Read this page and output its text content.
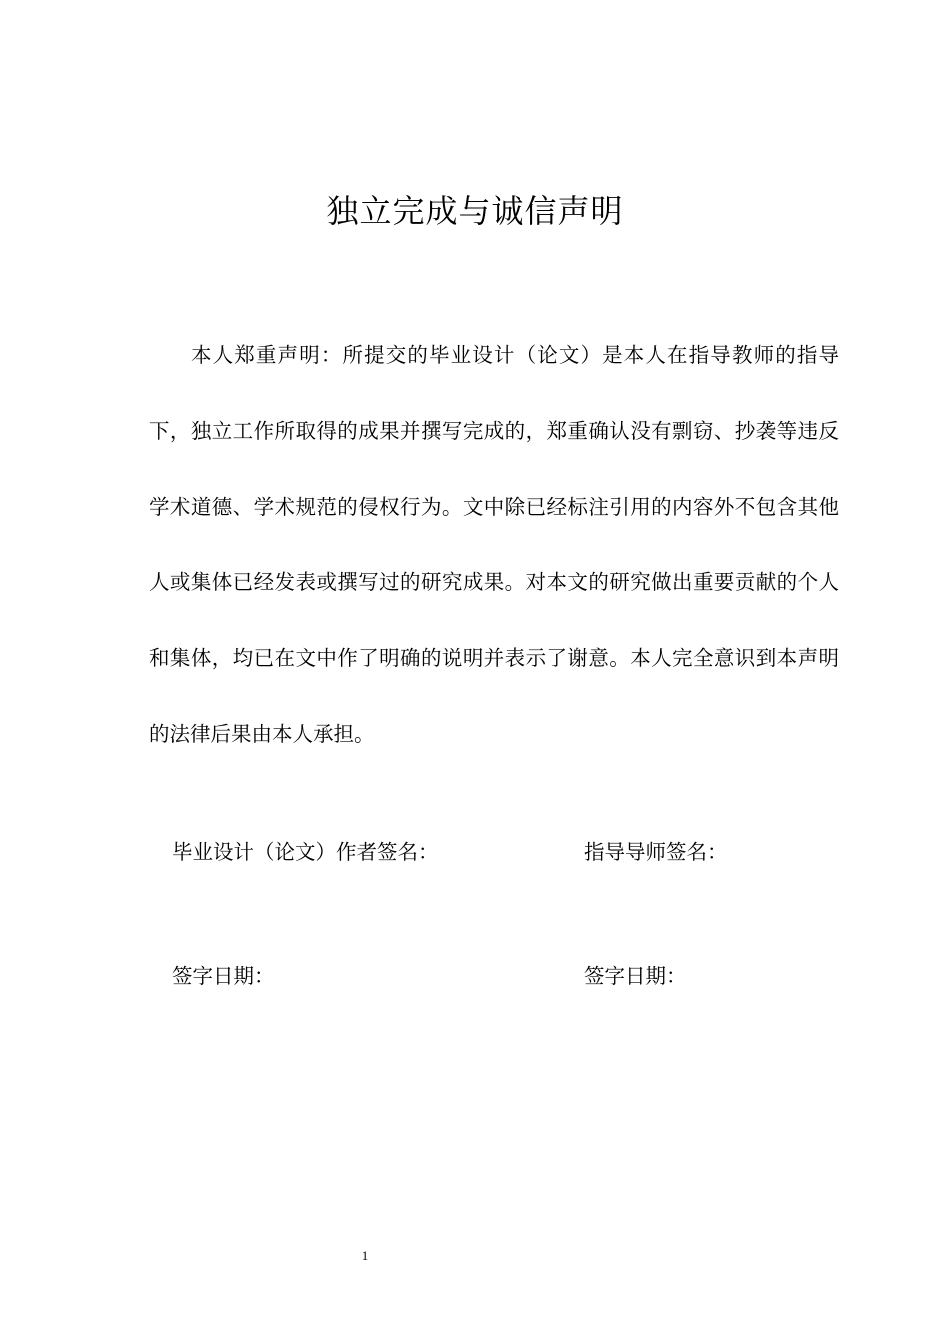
独立完成与诚信声明

本人郑重声明：所提交的毕业设计（论文）是本人在指导教师的指导下，独立工作所取得的成果并撰写完成的，郑重确认没有剽窃、抄袭等违反学术道德、学术规范的侵权行为。文中除已经标注引用的内容外不包含其他人或集体已经发表或撰写过的研究成果。对本文的研究做出重要贡献的个人和集体，均已在文中作了明确的说明并表示了谢意。本人完全意识到本声明的法律后果由本人承担。

毕业设计（论文）作者签名：	指导导师签名：
签字日期：	签字日期：
1
